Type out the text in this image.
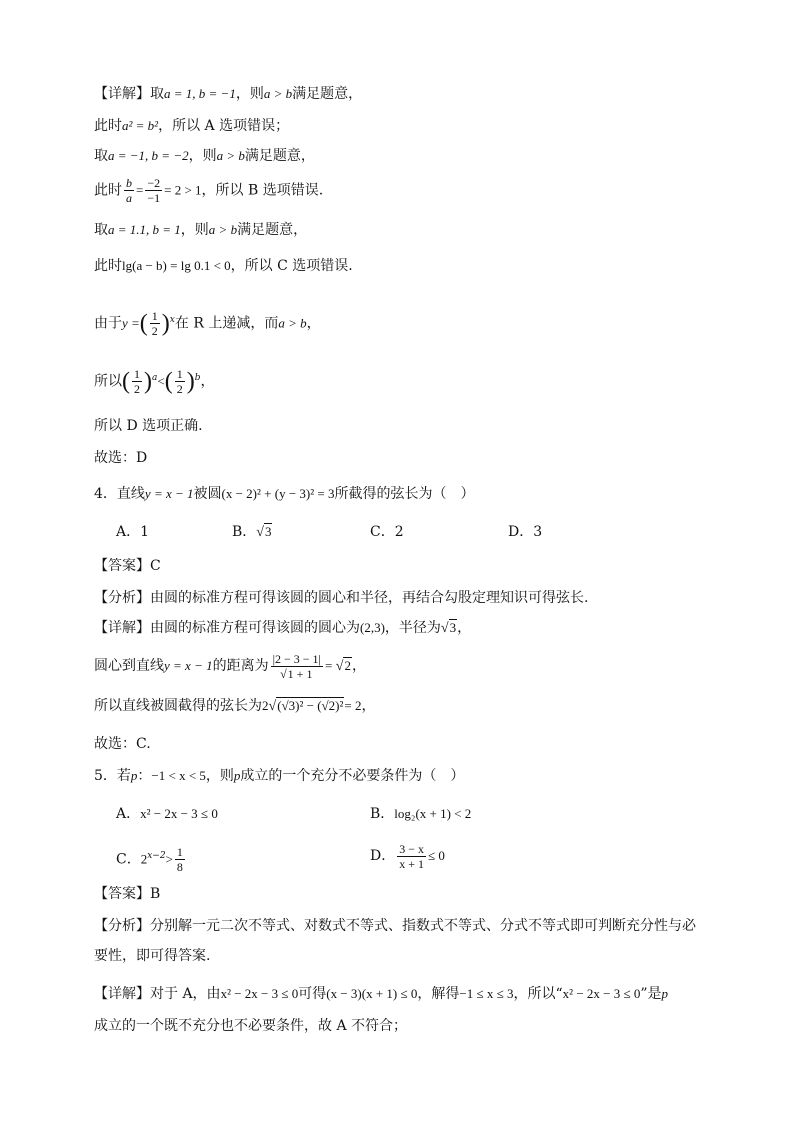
【详解】取a = 1, b = −1，则a > b满足题意，
此时a² = b²，所以 A 选项错误；
取a = −1, b = −2，则a > b满足题意，
此时 $\frac{b}{a} = \frac{-2}{-1} = 2 > 1$，所以 B 选项错误.
取a = 1.1, b = 1，则a > b满足题意，
此时lg(a − b) = lg 0.1 < 0，所以 C 选项错误.
由于y =( $\frac{1}{2} )^x$在 R 上递减，而a > b，
所以( $\frac{1}{2} )^a<( \frac{1}{2} )^b$，
所以 D 选项正确.
故选：D
4．直线y = x − 1被圆(x − 2)² + (y − 3)² = 3所截得的弦长为（　）
A．1	B．√3	C．2	D．3
【答案】C
【分析】由圆的标准方程可得该圆的圆心和半径，再结合勾股定理知识可得弦长.
【详解】由圆的标准方程可得该圆的圆心为(2,3)，半径为√3，
圆心到直线y = x − 1的距离为 $\frac{|2 - 3 - 1|}{√1 + 1} = √2$，
所以直线被圆截得的弦长为2√(√3)² − (√2)²= 2，
故选：C.
5．若p：−1 < x < 5，则p成立的一个充分不必要条件为（　）
A．x² − 2x − 3 ≤ 0	B．log₂(x + 1) < 2
C．$2^{x-2}> \frac{1}{8}$	D． $\frac{3 - x}{x + 1} \le 0$
【答案】B
【分析】分别解一元二次不等式、对数式不等式、指数式不等式、分式不等式即可判断充分性与必
要性，即可得答案.
【详解】对于 A，由x² − 2x − 3 ≤ 0可得(x − 3)(x + 1) ≤ 0，解得−1 ≤ x ≤ 3，所以“x² − 2x − 3 ≤ 0”是p
成立的一个既不充分也不必要条件，故 A 不符合；
